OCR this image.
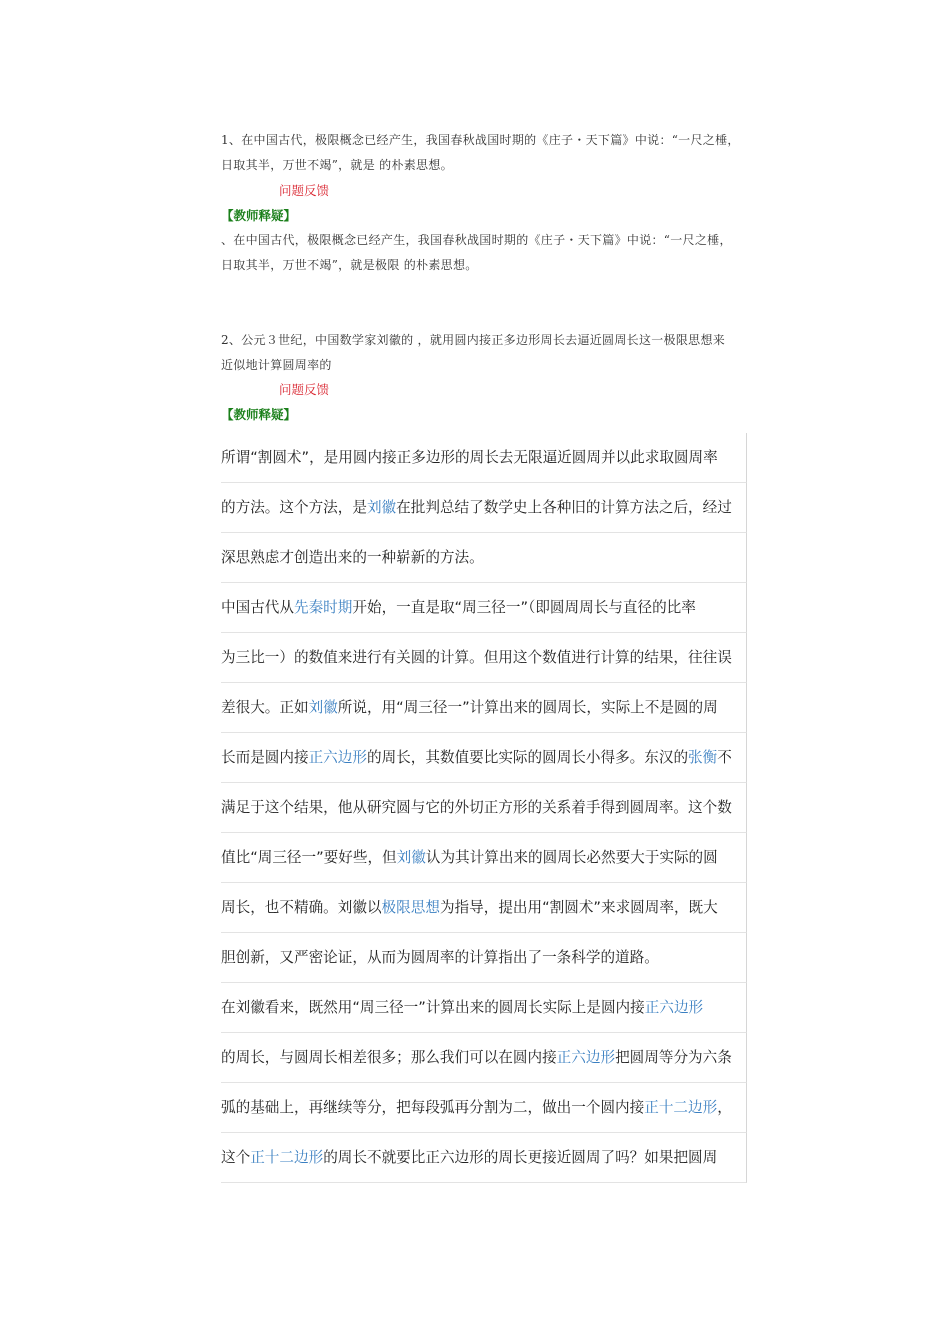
1、在中国古代，极限概念已经产生，我国春秋战国时期的《庄子・天下篇》中说：“一尺之棰，
日取其半，万世不竭”，就是 的朴素思想。
问题反馈
【教师释疑】
、在中国古代，极限概念已经产生，我国春秋战国时期的《庄子・天下篇》中说：“一尺之棰，
日取其半，万世不竭”，就是极限 的朴素思想。
2、公元３世纪，中国数学家刘徽的 ，就用圆内接正多边形周长去逼近圆周长这一极限思想来
近似地计算圆周率的
问题反馈
【教师释疑】
所谓“割圆术”，是用圆内接正多边形的周长去无限逼近圆周并以此求取圆周率
的方法。这个方法，是刘徽在批判总结了数学史上各种旧的计算方法之后，经过
深思熟虑才创造出来的一种崭新的方法。
中国古代从先秦时期开始，一直是取“周三径一”（即圆周周长与直径的比率
为三比一）的数值来进行有关圆的计算。但用这个数值进行计算的结果，往往误
差很大。正如刘徽所说，用“周三径一”计算出来的圆周长，实际上不是圆的周
长而是圆内接正六边形的周长，其数值要比实际的圆周长小得多。东汉的张衡不
满足于这个结果，他从研究圆与它的外切正方形的关系着手得到圆周率。这个数
值比“周三径一”要好些，但刘徽认为其计算出来的圆周长必然要大于实际的圆
周长，也不精确。刘徽以极限思想为指导，提出用“割圆术”来求圆周率，既大
胆创新，又严密论证，从而为圆周率的计算指出了一条科学的道路。
在刘徽看来，既然用“周三径一”计算出来的圆周长实际上是圆内接正六边形
的周长，与圆周长相差很多；那么我们可以在圆内接正六边形把圆周等分为六条
弧的基础上，再继续等分，把每段弧再分割为二，做出一个圆内接正十二边形，
这个正十二边形的周长不就要比正六边形的周长更接近圆周了吗？如果把圆周
